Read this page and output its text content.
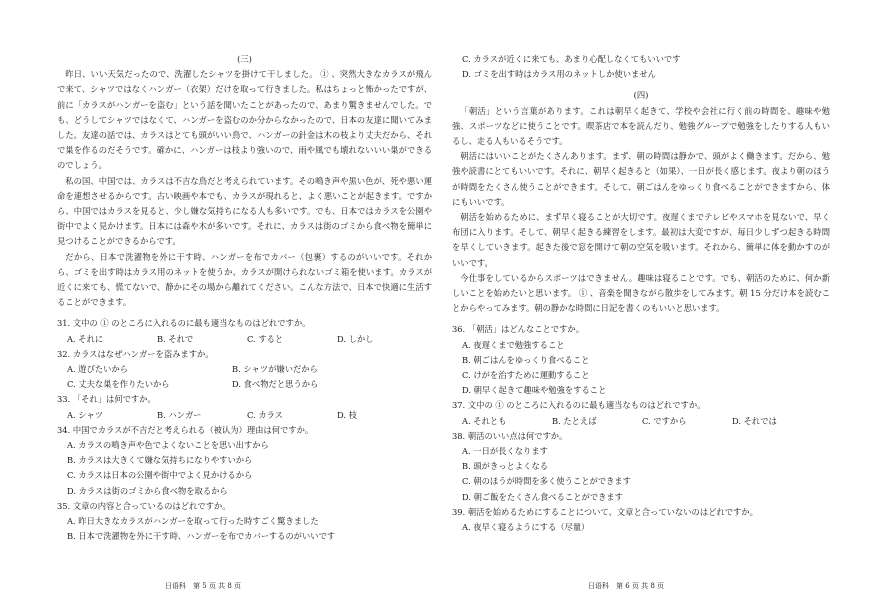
(三)

昨日、いい天気だったので、洗濯したシャツを掛けて干しました。 ① 、突然大きなカラスが飛んで来て、シャツではなくハンガー（衣架）だけを取って行きました。私はちょっと怖かったですが、前に「カラスがハンガーを盗む」という話を聞いたことがあったので、あまり驚きませんでした。でも、どうしてシャツではなくて、ハンガーを盗むのか分からなかったので、日本の友達に聞いてみました。友達の話では、カラスはとても頭がいい鳥で、ハンガーの針金は木の枝より丈夫だから、それで巣を作るのだそうです。確かに、ハンガーは枝より強いので、雨や風でも壊れないいい巣ができるのでしょう。

私の国、中国では、カラスは不吉な鳥だと考えられています。その鳴き声や黒い色が、死や悪い運命を連想させるからです。古い映画や本でも、カラスが現れると、よく悪いことが起きます。ですから、中国ではカラスを見ると、少し嫌な気持ちになる人も多いです。でも、日本ではカラスを公園や街中でよく見かけます。日本には森や木が多いです。それに、カラスは街のゴミから食べ物を簡単に見つけることができるからです。

だから、日本で洗濯物を外に干す時、ハンガーを布でカバー（包裹）するのがいいです。それから、ゴミを出す時はカラス用のネットを使うか、カラスが開けられないゴミ箱を使います。カラスが近くに来ても、慌てないで、静かにその場から離れてください。こんな方法で、日本で快適に生活することができます。

31. 文中の ① のところに入れるのに最も適当なものはどれですか。
A. それに	B. それで	C. すると	D. しかし
32. カラスはなぜハンガーを盗みますか。
A. 遊びたいから	B. シャツが嫌いだから
C. 丈夫な巣を作りたいから	D. 食べ物だと思うから
33. 「それ」は何ですか。
A. シャツ	B. ハンガー	C. カラス	D. 枝
34. 中国でカラスが不吉だと考えられる（被认为）理由は何ですか。
A. カラスの鳴き声や色でよくないことを思い出すから
B. カラスは大きくて嫌な気持ちになりやすいから
C. カラスは日本の公園や街中でよく見かけるから
D. カラスは街のゴミから食べ物を取るから
35. 文章の内容と合っているのはどれですか。
A. 昨日大きなカラスがハンガーを取って行った時すごく驚きました
B. 日本で洗濯物を外に干す時、ハンガーを布でカバーするのがいいです
C. カラスが近くに来ても、あまり心配しなくてもいいです
D. ゴミを出す時はカラス用のネットしか使いません
(四)

「朝活」という言葉があります。これは朝早く起きて、学校や会社に行く前の時間を、趣味や勉強、スポーツなどに使うことです。喫茶店で本を読んだり、勉強グループで勉強をしたりする人もいるし、走る人もいるそうです。

朝活にはいいことがたくさんあります。まず、朝の時間は静かで、頭がよく働きます。だから、勉強や読書にとてもいいです。それに、朝早く起きると（如果）、一日が長く感じます。夜より朝のほうが時間をたくさん使うことができます。そして、朝ごはんをゆっくり食べることができますから、体にもいいです。

朝活を始めるために、まず早く寝ることが大切です。夜遅くまでテレビやスマホを見ないで、早く布団に入ります。そして、朝早く起きる練習をします。最初は大変ですが、毎日少しずつ起きる時間を早くしていきます。起きた後で窓を開けて朝の空気を吸います。それから、簡単に体を動かすのがいいです。

今仕事をしているからスポーツはできません。趣味は寝ることです。でも、朝活のために、何か新しいことを始めたいと思います。 ① 、音楽を聞きながら散歩をしてみます。朝 15 分だけ本を読むことからやってみます。朝の静かな時間に日記を書くのもいいと思います。

36. 「朝活」はどんなことですか。
A. 夜遅くまで勉強すること
B. 朝ごはんをゆっくり食べること
C. けがを治すために運動すること
D. 朝早く起きて趣味や勉強をすること
37. 文中の ① のところに入れるのに最も適当なものはどれですか。
A. それとも	B. たとえば	C. ですから	D. それでは
38. 朝活のいい点は何ですか。
A. 一日が長くなります
B. 頭がきっとよくなる
C. 朝のほうが時間を多く使うことができます
D. 朝ご飯をたくさん食べることができます
39. 朝活を始めるためにすることについて、文章と合っていないのはどれですか。
A. 夜早く寝るようにする（尽量）
日语科　第 5 页 共 8 页	日语科　第 6 页 共 8 页
